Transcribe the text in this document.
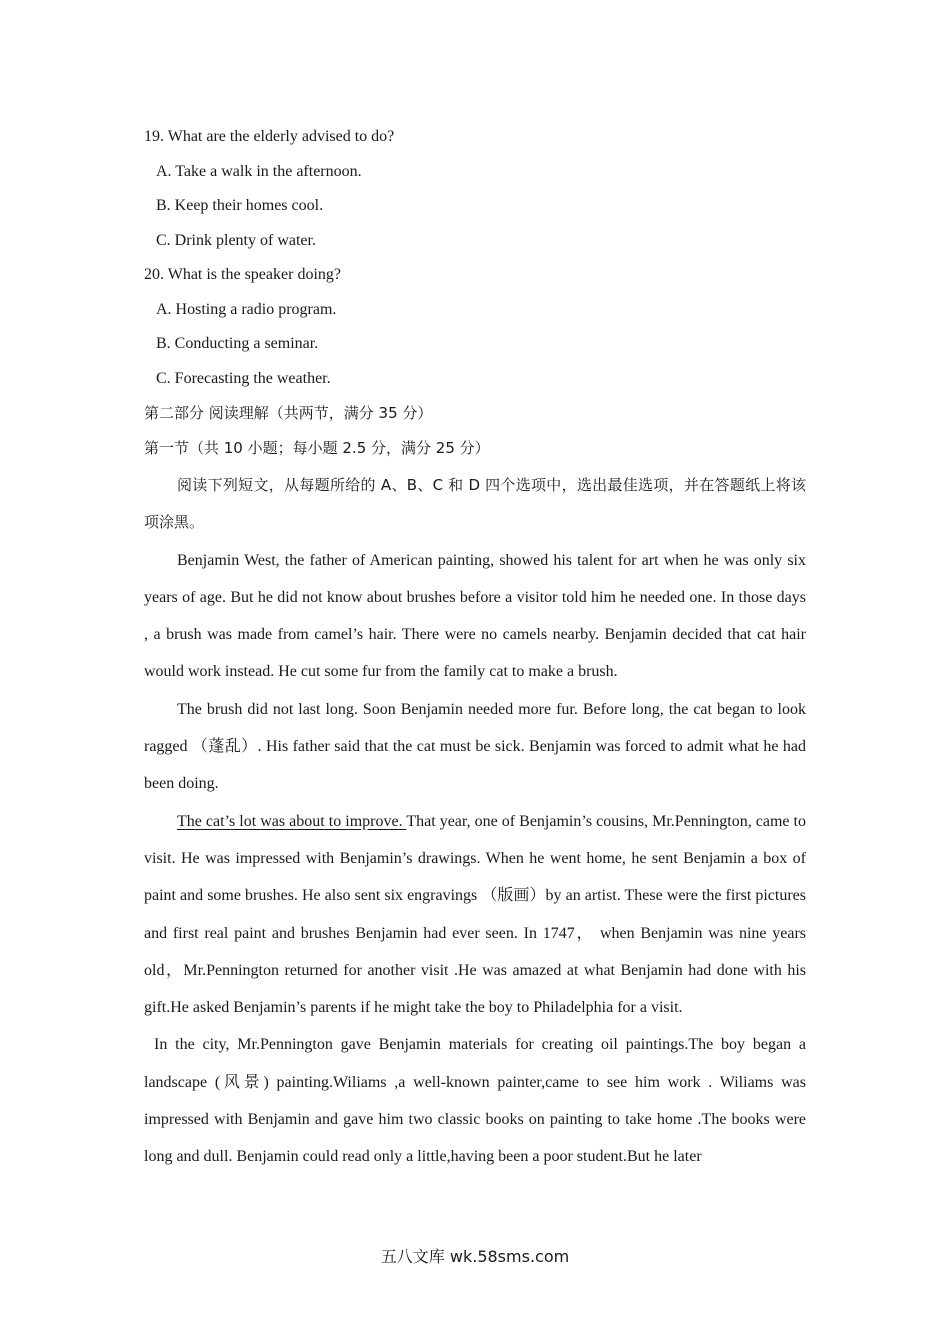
19. What are the elderly advised to do?
A. Take a walk in the afternoon.
B. Keep their homes cool.
C. Drink plenty of water.
20. What is the speaker doing?
A. Hosting a radio program.
B. Conducting a seminar.
C. Forecasting the weather.
第二部分 阅读理解（共两节，满分 35 分）
第一节（共 10 小题；每小题 2.5 分，满分 25 分）

阅读下列短文，从每题所给的 A、B、C 和 D 四个选项中，选出最佳选项，并在答题纸上将该项涂黑。

Benjamin West, the father of American painting, showed his talent for art when he was only six years of age. But he did not know about brushes before a visitor told him he needed one. In those days , a brush was made from camel’s hair. There were no camels nearby. Benjamin decided that cat hair would work instead. He cut some fur from the family cat to make a brush.

The brush did not last long. Soon Benjamin needed more fur. Before long, the cat began to look ragged （蓬乱）. His father said that the cat must be sick. Benjamin was forced to admit what he had been doing.

The cat’s lot was about to improve. That year, one of Benjamin’s cousins, Mr.Pennington, came to visit. He was impressed with Benjamin’s drawings. When he went home, he sent Benjamin a box of paint and some brushes. He also sent six engravings （版画）by an artist. These were the first pictures and first real paint and brushes Benjamin had ever seen. In 1747， when Benjamin was nine years old，Mr.Pennington returned for another visit .He was amazed at what Benjamin had done with his gift.He asked Benjamin’s parents if he might take the boy to Philadelphia for a visit.

In the city, Mr.Pennington gave Benjamin materials for creating oil paintings.The boy began a landscape (风景) painting.Wiliams ,a well-known painter,came to see him work . Wiliams was impressed with Benjamin and gave him two classic books on painting to take home .The books were long and dull. Benjamin could read only a little,having been a poor student.But he later

五八文库 wk.58sms.com
